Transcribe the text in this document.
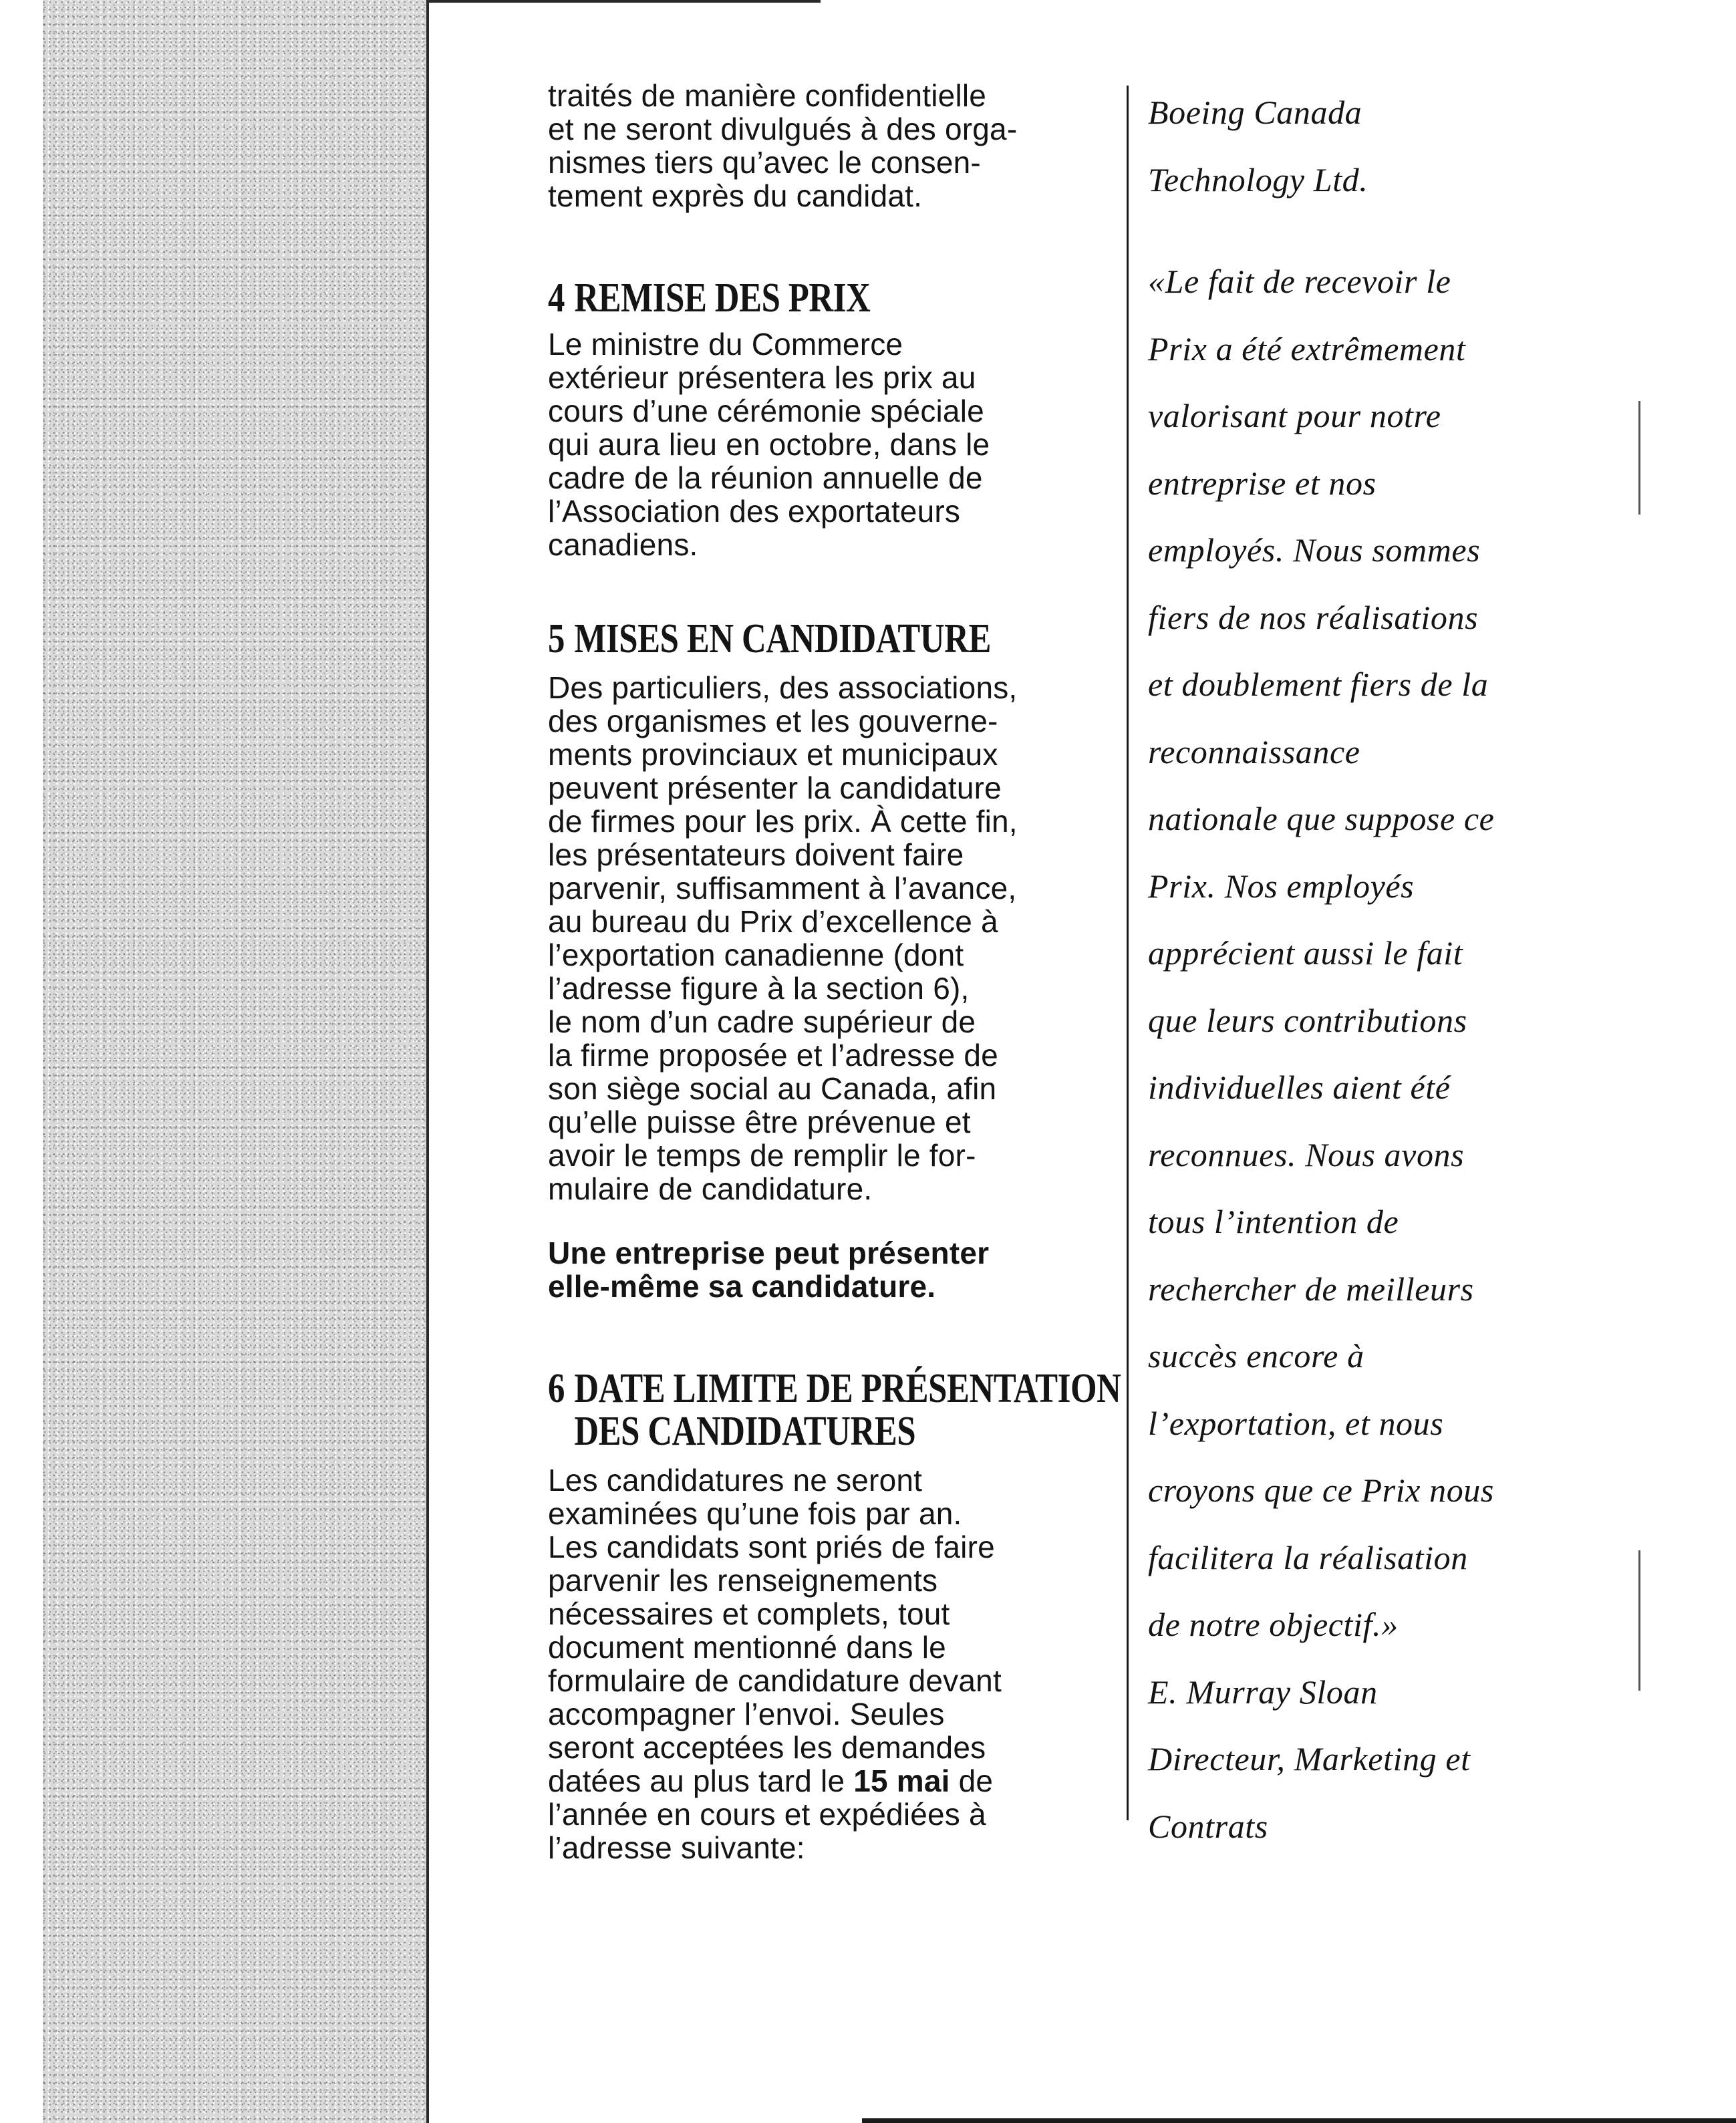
traités de manière confidentielle
et ne seront divulgués à des orga-
nismes tiers qu’avec le consen-
tement exprès du candidat.

4 REMISE DES PRIX

Le ministre du Commerce
extérieur présentera les prix au
cours d’une cérémonie spéciale
qui aura lieu en octobre, dans le
cadre de la réunion annuelle de
l’Association des exportateurs
canadiens.

5 MISES EN CANDIDATURE

Des particuliers, des associations,
des organismes et les gouverne-
ments provinciaux et municipaux
peuvent présenter la candidature
de firmes pour les prix. À cette fin,
les présentateurs doivent faire
parvenir, suffisamment à l’avance,
au bureau du Prix d’excellence à
l’exportation canadienne (dont
l’adresse figure à la section 6),
le nom d’un cadre supérieur de
la firme proposée et l’adresse de
son siège social au Canada, afin
qu’elle puisse être prévenue et
avoir le temps de remplir le for-
mulaire de candidature.

Une entreprise peut présenter
elle-même sa candidature.

6 DATE LIMITE DE PRÉSENTATION
DES CANDIDATURES

Les candidatures ne seront
examinées qu’une fois par an.
Les candidats sont priés de faire
parvenir les renseignements
nécessaires et complets, tout
document mentionné dans le
formulaire de candidature devant
accompagner l’envoi. Seules
seront acceptées les demandes
datées au plus tard le 15 mai de
l’année en cours et expédiées à
l’adresse suivante:

Boeing Canada
Technology Ltd.
«Le fait de recevoir le
Prix a été extrêmement
valorisant pour notre
entreprise et nos
employés. Nous sommes
fiers de nos réalisations
et doublement fiers de la
reconnaissance
nationale que suppose ce
Prix. Nos employés
apprécient aussi le fait
que leurs contributions
individuelles aient été
reconnues. Nous avons
tous l’intention de
rechercher de meilleurs
succès encore à
l’exportation, et nous
croyons que ce Prix nous
facilitera la réalisation
de notre objectif.»
E. Murray Sloan
Directeur, Marketing et
Contrats
